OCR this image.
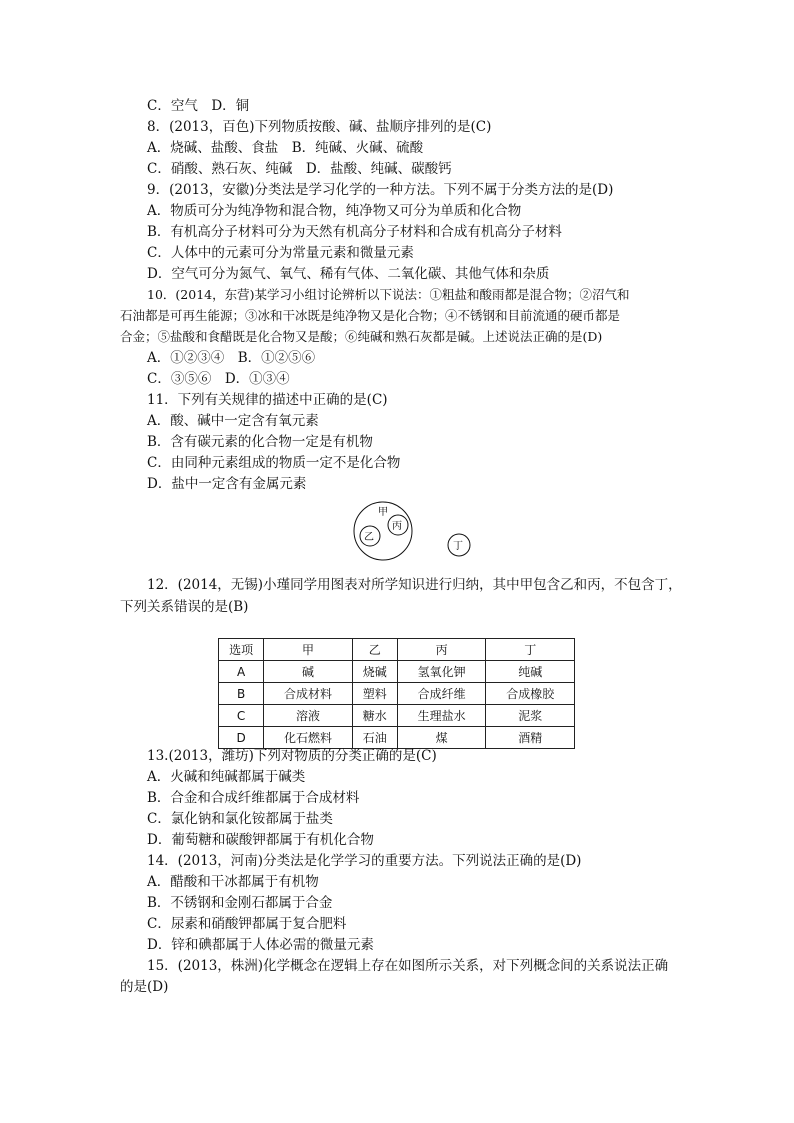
C．空气　D．铜
8．(2013，百色)下列物质按酸、碱、盐顺序排列的是(C)
A．烧碱、盐酸、食盐　B．纯碱、火碱、硫酸
C．硝酸、熟石灰、纯碱　D．盐酸、纯碱、碳酸钙
9．(2013，安徽)分类法是学习化学的一种方法。下列不属于分类方法的是(D)
A．物质可分为纯净物和混合物，纯净物又可分为单质和化合物
B．有机高分子材料可分为天然有机高分子材料和合成有机高分子材料
C．人体中的元素可分为常量元素和微量元素
D．空气可分为氮气、氧气、稀有气体、二氧化碳、其他气体和杂质
10．(2014，东营)某学习小组讨论辨析以下说法：①粗盐和酸雨都是混合物；②沼气和
石油都是可再生能源；③冰和干冰既是纯净物又是化合物；④不锈钢和目前流通的硬币都是
合金；⑤盐酸和食醋既是化合物又是酸；⑥纯碱和熟石灰都是碱。上述说法正确的是(D)
A．①②③④　B．①②⑤⑥
C．③⑤⑥　D．①③④
11．下列有关规律的描述中正确的是(C)
A．酸、碱中一定含有氧元素
B．含有碳元素的化合物一定是有机物
C．由同种元素组成的物质一定不是化合物
D．盐中一定含有金属元素
甲
乙
丙
丁
12．(2014，无锡)小瑾同学用图表对所学知识进行归纳，其中甲包含乙和丙，不包含丁，
下列关系错误的是(B)
选项	甲	乙	丙	丁
A	碱	烧碱	氢氧化钾	纯碱
B	合成材料	塑料	合成纤维	合成橡胶
C	溶液	糖水	生理盐水	泥浆
D	化石燃料	石油	煤	酒精
13.(2013，潍坊)下列对物质的分类正确的是(C)
A．火碱和纯碱都属于碱类
B．合金和合成纤维都属于合成材料
C．氯化钠和氯化铵都属于盐类
D．葡萄糖和碳酸钾都属于有机化合物
14．(2013，河南)分类法是化学学习的重要方法。下列说法正确的是(D)
A．醋酸和干冰都属于有机物
B．不锈钢和金刚石都属于合金
C．尿素和硝酸钾都属于复合肥料
D．锌和碘都属于人体必需的微量元素
15．(2013，株洲)化学概念在逻辑上存在如图所示关系，对下列概念间的关系说法正确
的是(D)
